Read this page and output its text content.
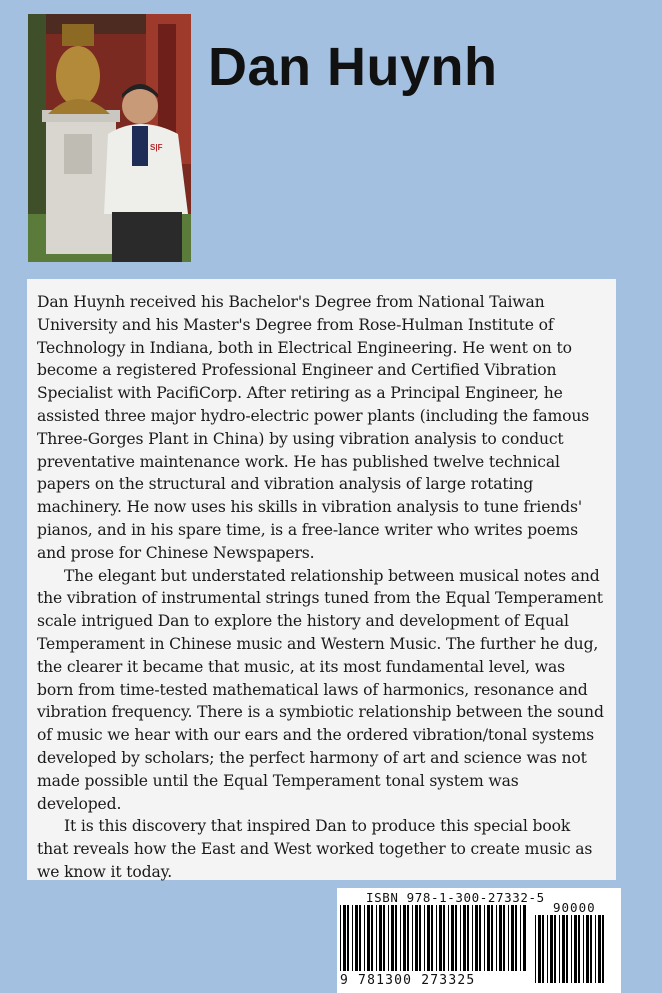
S|F
Dan Huynh

Dan Huynh received his Bachelor's Degree from National Taiwan University and his Master's Degree from Rose-Hulman Institute of Technology in Indiana, both in Electrical Engineering. He went on to become a registered Professional Engineer and Certified Vibration Specialist with PacifiCorp. After retiring as a Principal Engineer, he assisted three major hydro-electric power plants (including the famous Three-Gorges Plant in China) by using vibration analysis to conduct preventative maintenance work. He has published twelve technical papers on the structural and vibration analysis of large rotating machinery. He now uses his skills in vibration analysis to tune friends' pianos, and in his spare time, is a free-lance writer who writes poems and prose for Chinese Newspapers.

The elegant but understated relationship between musical notes and the vibration of instrumental strings tuned from the Equal Temperament scale intrigued Dan to explore the history and development of Equal Temperament in Chinese music and Western Music. The further he dug, the clearer it became that music, at its most fundamental level, was born from time-tested mathematical laws of harmonics, resonance and vibration frequency. There is a symbiotic relationship between the sound of music we hear with our ears and the ordered vibration/tonal systems developed by scholars; the perfect harmony of art and science was not made possible until the Equal Temperament tonal system was developed.

It is this discovery that inspired Dan to produce this special book that reveals how the East and West worked together to create music as we know it today.

ISBN 978-1-300-27332-5
90000
9 781300 273325
